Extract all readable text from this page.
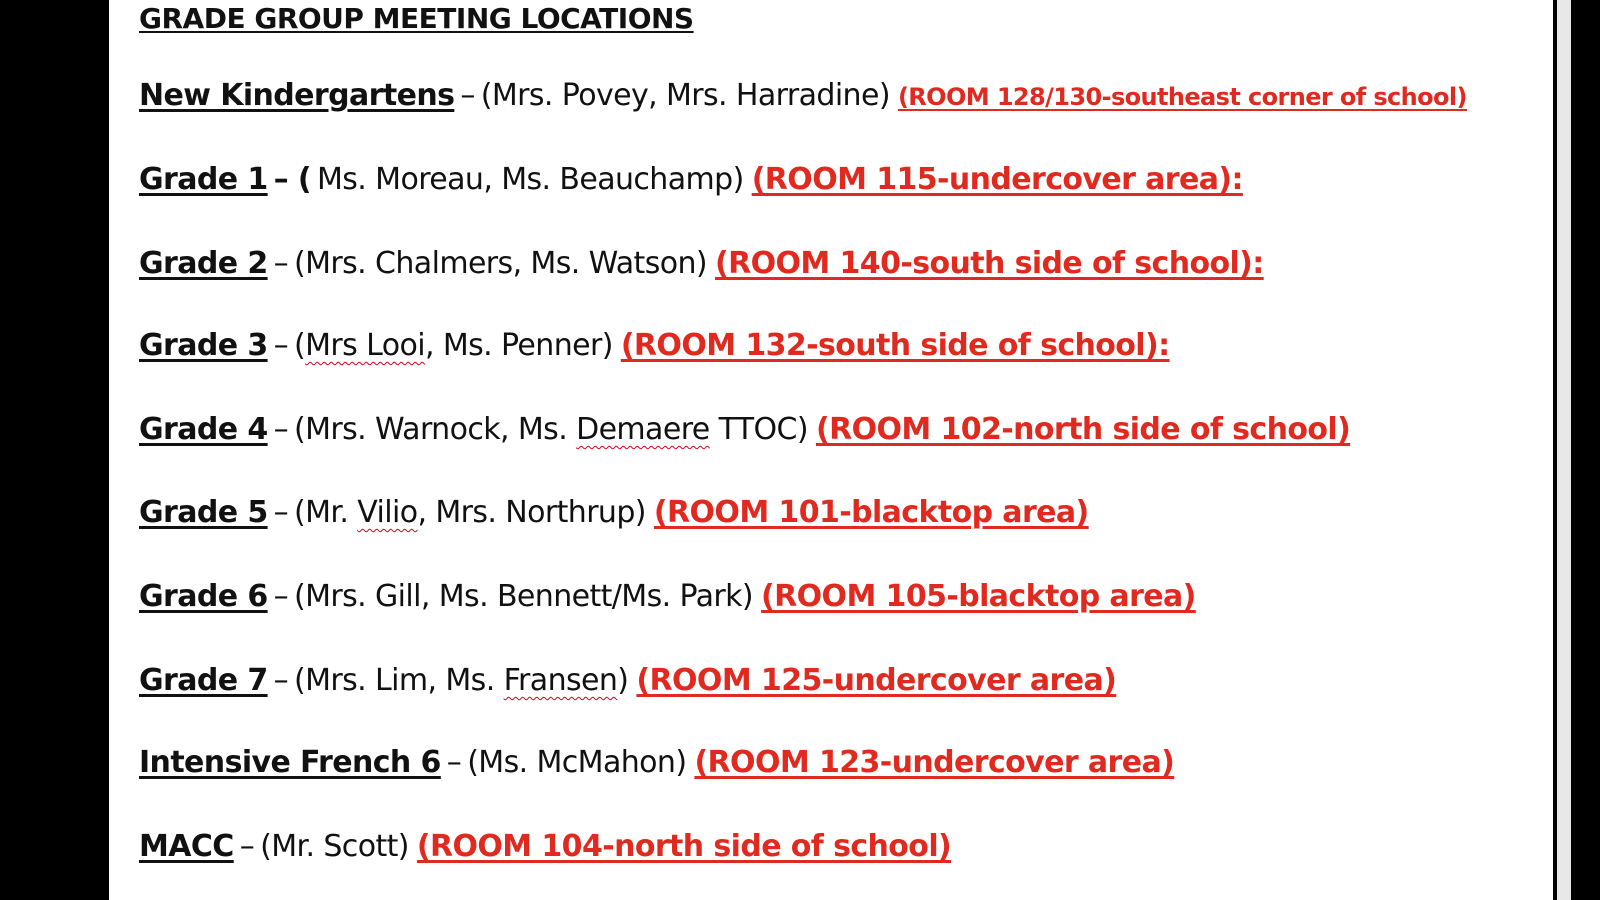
GRADE GROUP MEETING LOCATIONS
New Kindergartens – (Mrs. Povey, Mrs. Harradine) (ROOM 128/130-southeast corner of school)
Grade 1 – ( Ms. Moreau, Ms. Beauchamp) (ROOM 115-undercover area):
Grade 2 – (Mrs. Chalmers, Ms. Watson) (ROOM 140-south side of school):
Grade 3 – (Mrs Looi, Ms. Penner) (ROOM 132-south side of school):
Grade 4 – (Mrs. Warnock, Ms. Demaere TTOC) (ROOM 102-north side of school)
Grade 5 – (Mr. Vilio, Mrs. Northrup) (ROOM 101-blacktop area)
Grade 6 – (Mrs. Gill, Ms. Bennett/Ms. Park) (ROOM 105-blacktop area)
Grade 7 – (Mrs. Lim, Ms. Fransen) (ROOM 125-undercover area)
Intensive French 6 – (Ms. McMahon) (ROOM 123-undercover area)
MACC – (Mr. Scott) (ROOM 104-north side of school)
